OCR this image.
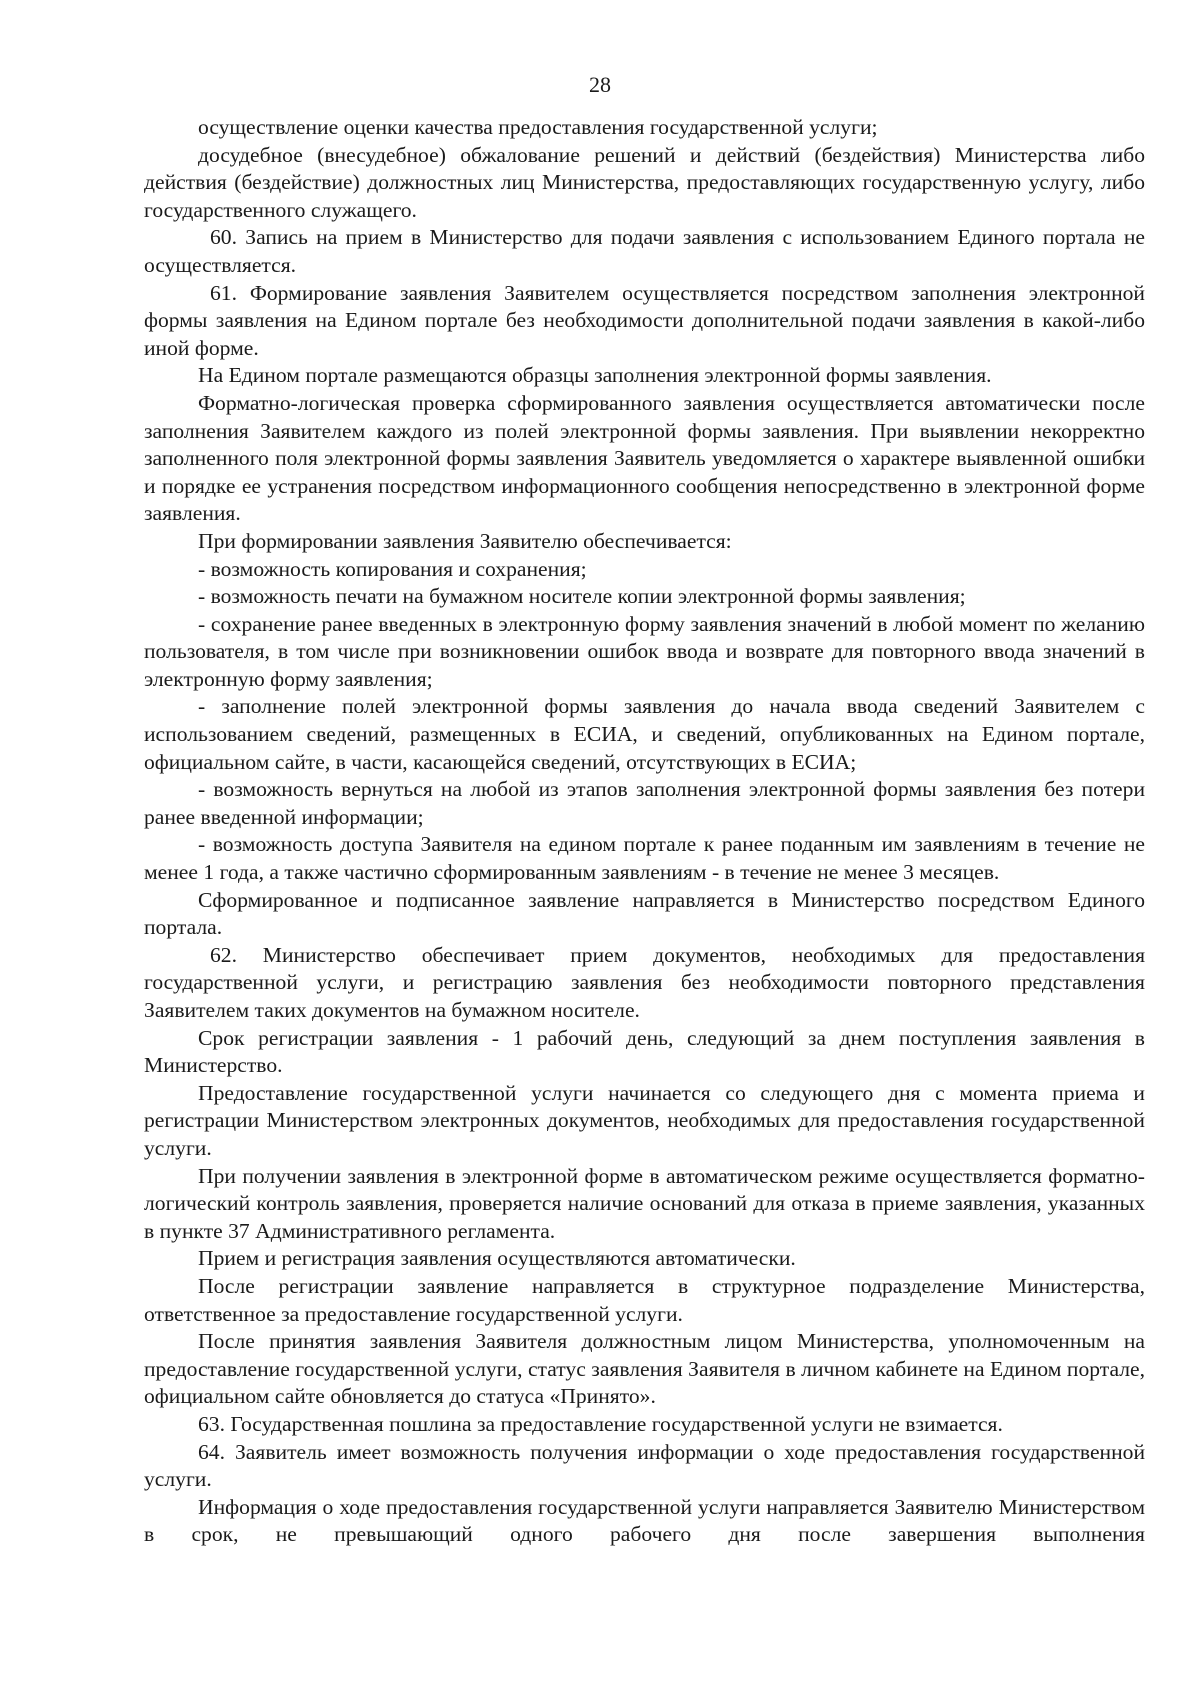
28

осуществление оценки качества предоставления государственной услуги;

досудебное (внесудебное) обжалование решений и действий (бездействия) Министерства либо действия (бездействие) должностных лиц Министерства, предоставляющих государственную услугу, либо государственного служащего.

60. Запись на прием в Министерство для подачи заявления с использованием Единого портала не осуществляется.

61. Формирование заявления Заявителем осуществляется посредством заполнения электронной формы заявления на Едином портале без необходимости дополнительной подачи заявления в какой-либо иной форме.

На Едином портале размещаются образцы заполнения электронной формы заявления.

Форматно-логическая проверка сформированного заявления осуществляется автоматически после заполнения Заявителем каждого из полей электронной формы заявления. При выявлении некорректно заполненного поля электронной формы заявления Заявитель уведомляется о характере выявленной ошибки и порядке ее устранения посредством информационного сообщения непосредственно в электронной форме заявления.

При формировании заявления Заявителю обеспечивается:

- возможность копирования и сохранения;

- возможность печати на бумажном носителе копии электронной формы заявления;

- сохранение ранее введенных в электронную форму заявления значений в любой момент по желанию пользователя, в том числе при возникновении ошибок ввода и возврате для повторного ввода значений в электронную форму заявления;

- заполнение полей электронной формы заявления до начала ввода сведений Заявителем с использованием сведений, размещенных в ЕСИА, и сведений, опубликованных на Едином портале, официальном сайте, в части, касающейся сведений, отсутствующих в ЕСИА;

- возможность вернуться на любой из этапов заполнения электронной формы заявления без потери ранее введенной информации;

- возможность доступа Заявителя на едином портале к ранее поданным им заявлениям в течение не менее 1 года, а также частично сформированным заявлениям - в течение не менее 3 месяцев.

Сформированное и подписанное заявление направляется в Министерство посредством Единого портала.

62. Министерство обеспечивает прием документов, необходимых для предоставления государственной услуги, и регистрацию заявления без необходимости повторного представления Заявителем таких документов на бумажном носителе.

Срок регистрации заявления - 1 рабочий день, следующий за днем поступления заявления в Министерство.

Предоставление государственной услуги начинается со следующего дня с момента приема и регистрации Министерством электронных документов, необходимых для предоставления государственной услуги.

При получении заявления в электронной форме в автоматическом режиме осуществляется форматно-логический контроль заявления, проверяется наличие оснований для отказа в приеме заявления, указанных в пункте 37 Административного регламента.

Прием и регистрация заявления осуществляются автоматически.

После регистрации заявление направляется в структурное подразделение Министерства, ответственное за предоставление государственной услуги.

После принятия заявления Заявителя должностным лицом Министерства, уполномоченным на предоставление государственной услуги, статус заявления Заявителя в личном кабинете на Едином портале, официальном сайте обновляется до статуса «Принято».

63. Государственная пошлина за предоставление государственной услуги не взимается.

64. Заявитель имеет возможность получения информации о ходе предоставления государственной услуги.

Информация о ходе предоставления государственной услуги направляется Заявителю Министерством в срок, не превышающий одного рабочего дня после завершения выполнения
